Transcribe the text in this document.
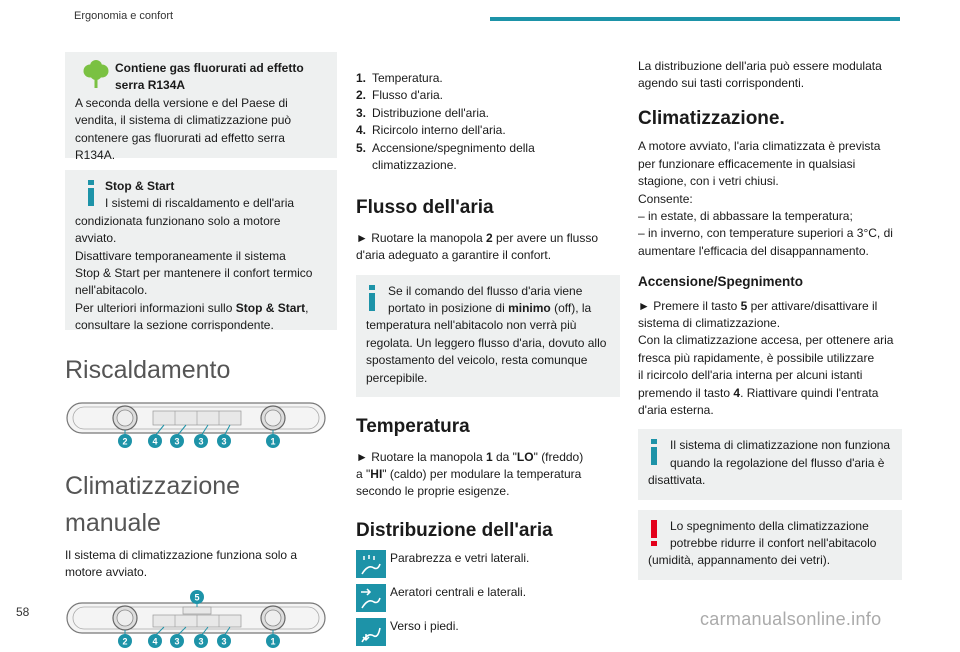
Ergonomia e confort
Contiene gas fluorurati ad effetto
serra R134A
A seconda della versione e del Paese di
vendita, il sistema di climatizzazione può
contenere gas fluorurati ad effetto serra
R134A.
Stop & Start
I sistemi di riscaldamento e dell'aria
condizionata funzionano solo a motore
avviato.
Disattivare temporaneamente il sistema
Stop & Start per mantenere il confort termico
nell'abitacolo.
Per ulteriori informazioni sullo Stop & Start,
consultare la sezione corrispondente.
Riscaldamento
2	4 3 3 3	1
Climatizzazione manuale
Il sistema di climatizzazione funziona solo a
motore avviato.
5
2	4 3 3 3	1
1. Temperatura.
2. Flusso d'aria.
3. Distribuzione dell'aria.
4. Ricircolo interno dell'aria.
5. Accensione/spegnimento della
climatizzazione.
Flusso dell'aria
► Ruotare la manopola 2 per avere un flusso
d'aria adeguato a garantire il confort.
Se il comando del flusso d'aria viene
portato in posizione di minimo (off), la
temperatura nell'abitacolo non verrà più
regolata. Un leggero flusso d'aria, dovuto allo
spostamento del veicolo, resta comunque
percepibile.
Temperatura
► Ruotare la manopola 1 da "LO" (freddo)
a "HI" (caldo) per modulare la temperatura
secondo le proprie esigenze.
Distribuzione dell'aria
Parabrezza e vetri laterali.
Aeratori centrali e laterali.
Verso i piedi.
La distribuzione dell'aria può essere modulata
agendo sui tasti corrispondenti.
Climatizzazione.
A motore avviato, l'aria climatizzata è prevista
per funzionare efficacemente in qualsiasi
stagione, con i vetri chiusi.
Consente:
– in estate, di abbassare la temperatura;
– in inverno, con temperature superiori a 3°C, di
aumentare l'efficacia del disappannamento.
Accensione/Spegnimento
► Premere il tasto 5 per attivare/disattivare il
sistema di climatizzazione.
Con la climatizzazione accesa, per ottenere aria
fresca più rapidamente, è possibile utilizzare
il ricircolo dell'aria interna per alcuni istanti
premendo il tasto 4. Riattivare quindi l'entrata
d'aria esterna.
Il sistema di climatizzazione non funziona
quando la regolazione del flusso d'aria è
disattivata.
Lo spegnimento della climatizzazione
potrebbe ridurre il confort nell'abitacolo
(umidità, appannamento dei vetri).
58	carmanualsonline.info
